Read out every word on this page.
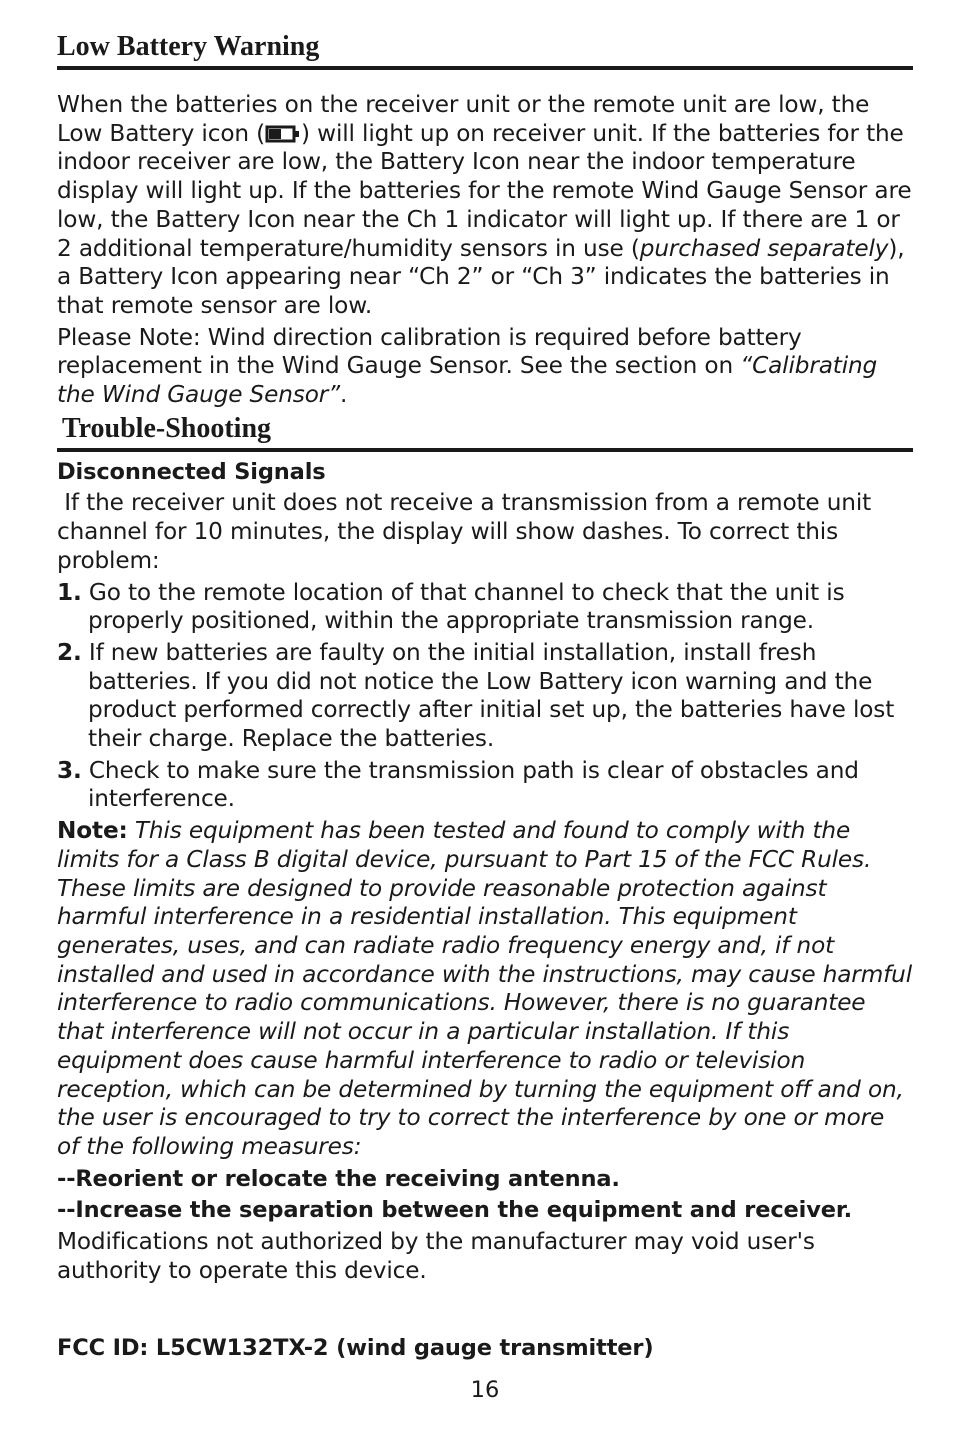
Low Battery Warning

When the batteries on the receiver unit or the remote unit are low, the Low Battery icon ( ) will light up on receiver unit. If the batteries for the indoor receiver are low, the Battery Icon near the indoor temperature display will light up. If the batteries for the remote Wind Gauge Sensor are low, the Battery Icon near the Ch 1 indicator will light up. If there are 1 or 2 additional temperature/humidity sensors in use (purchased separately), a Battery Icon appearing near “Ch 2” or “Ch 3” indicates the batteries in that remote sensor are low.

Please Note: Wind direction calibration is required before battery replacement in the Wind Gauge Sensor. See the section on “Calibrating the Wind Gauge Sensor”.

Trouble-Shooting

Disconnected Signals

If the receiver unit does not receive a transmission from a remote unit channel for 10 minutes, the display will show dashes. To correct this problem:

1. Go to the remote location of that channel to check that the unit is properly positioned, within the appropriate transmission range.

2. If new batteries are faulty on the initial installation, install fresh batteries. If you did not notice the Low Battery icon warning and the product performed correctly after initial set up, the batteries have lost their charge. Replace the batteries.

3. Check to make sure the transmission path is clear of obstacles and interference.

Note: This equipment has been tested and found to comply with the limits for a Class B digital device, pursuant to Part 15 of the FCC Rules. These limits are designed to provide reasonable protection against harmful interference in a residential installation. This equipment generates, uses, and can radiate radio frequency energy and, if not installed and used in accordance with the instructions, may cause harmful interference to radio communications. However, there is no guarantee that interference will not occur in a particular installation. If this equipment does cause harmful interference to radio or television reception, which can be determined by turning the equipment off and on, the user is encouraged to try to correct the interference by one or more of the following measures:

--Reorient or relocate the receiving antenna.

--Increase the separation between the equipment and receiver.

Modifications not authorized by the manufacturer may void user's authority to operate this device.

FCC ID: L5CW132TX-2 (wind gauge transmitter)

16
